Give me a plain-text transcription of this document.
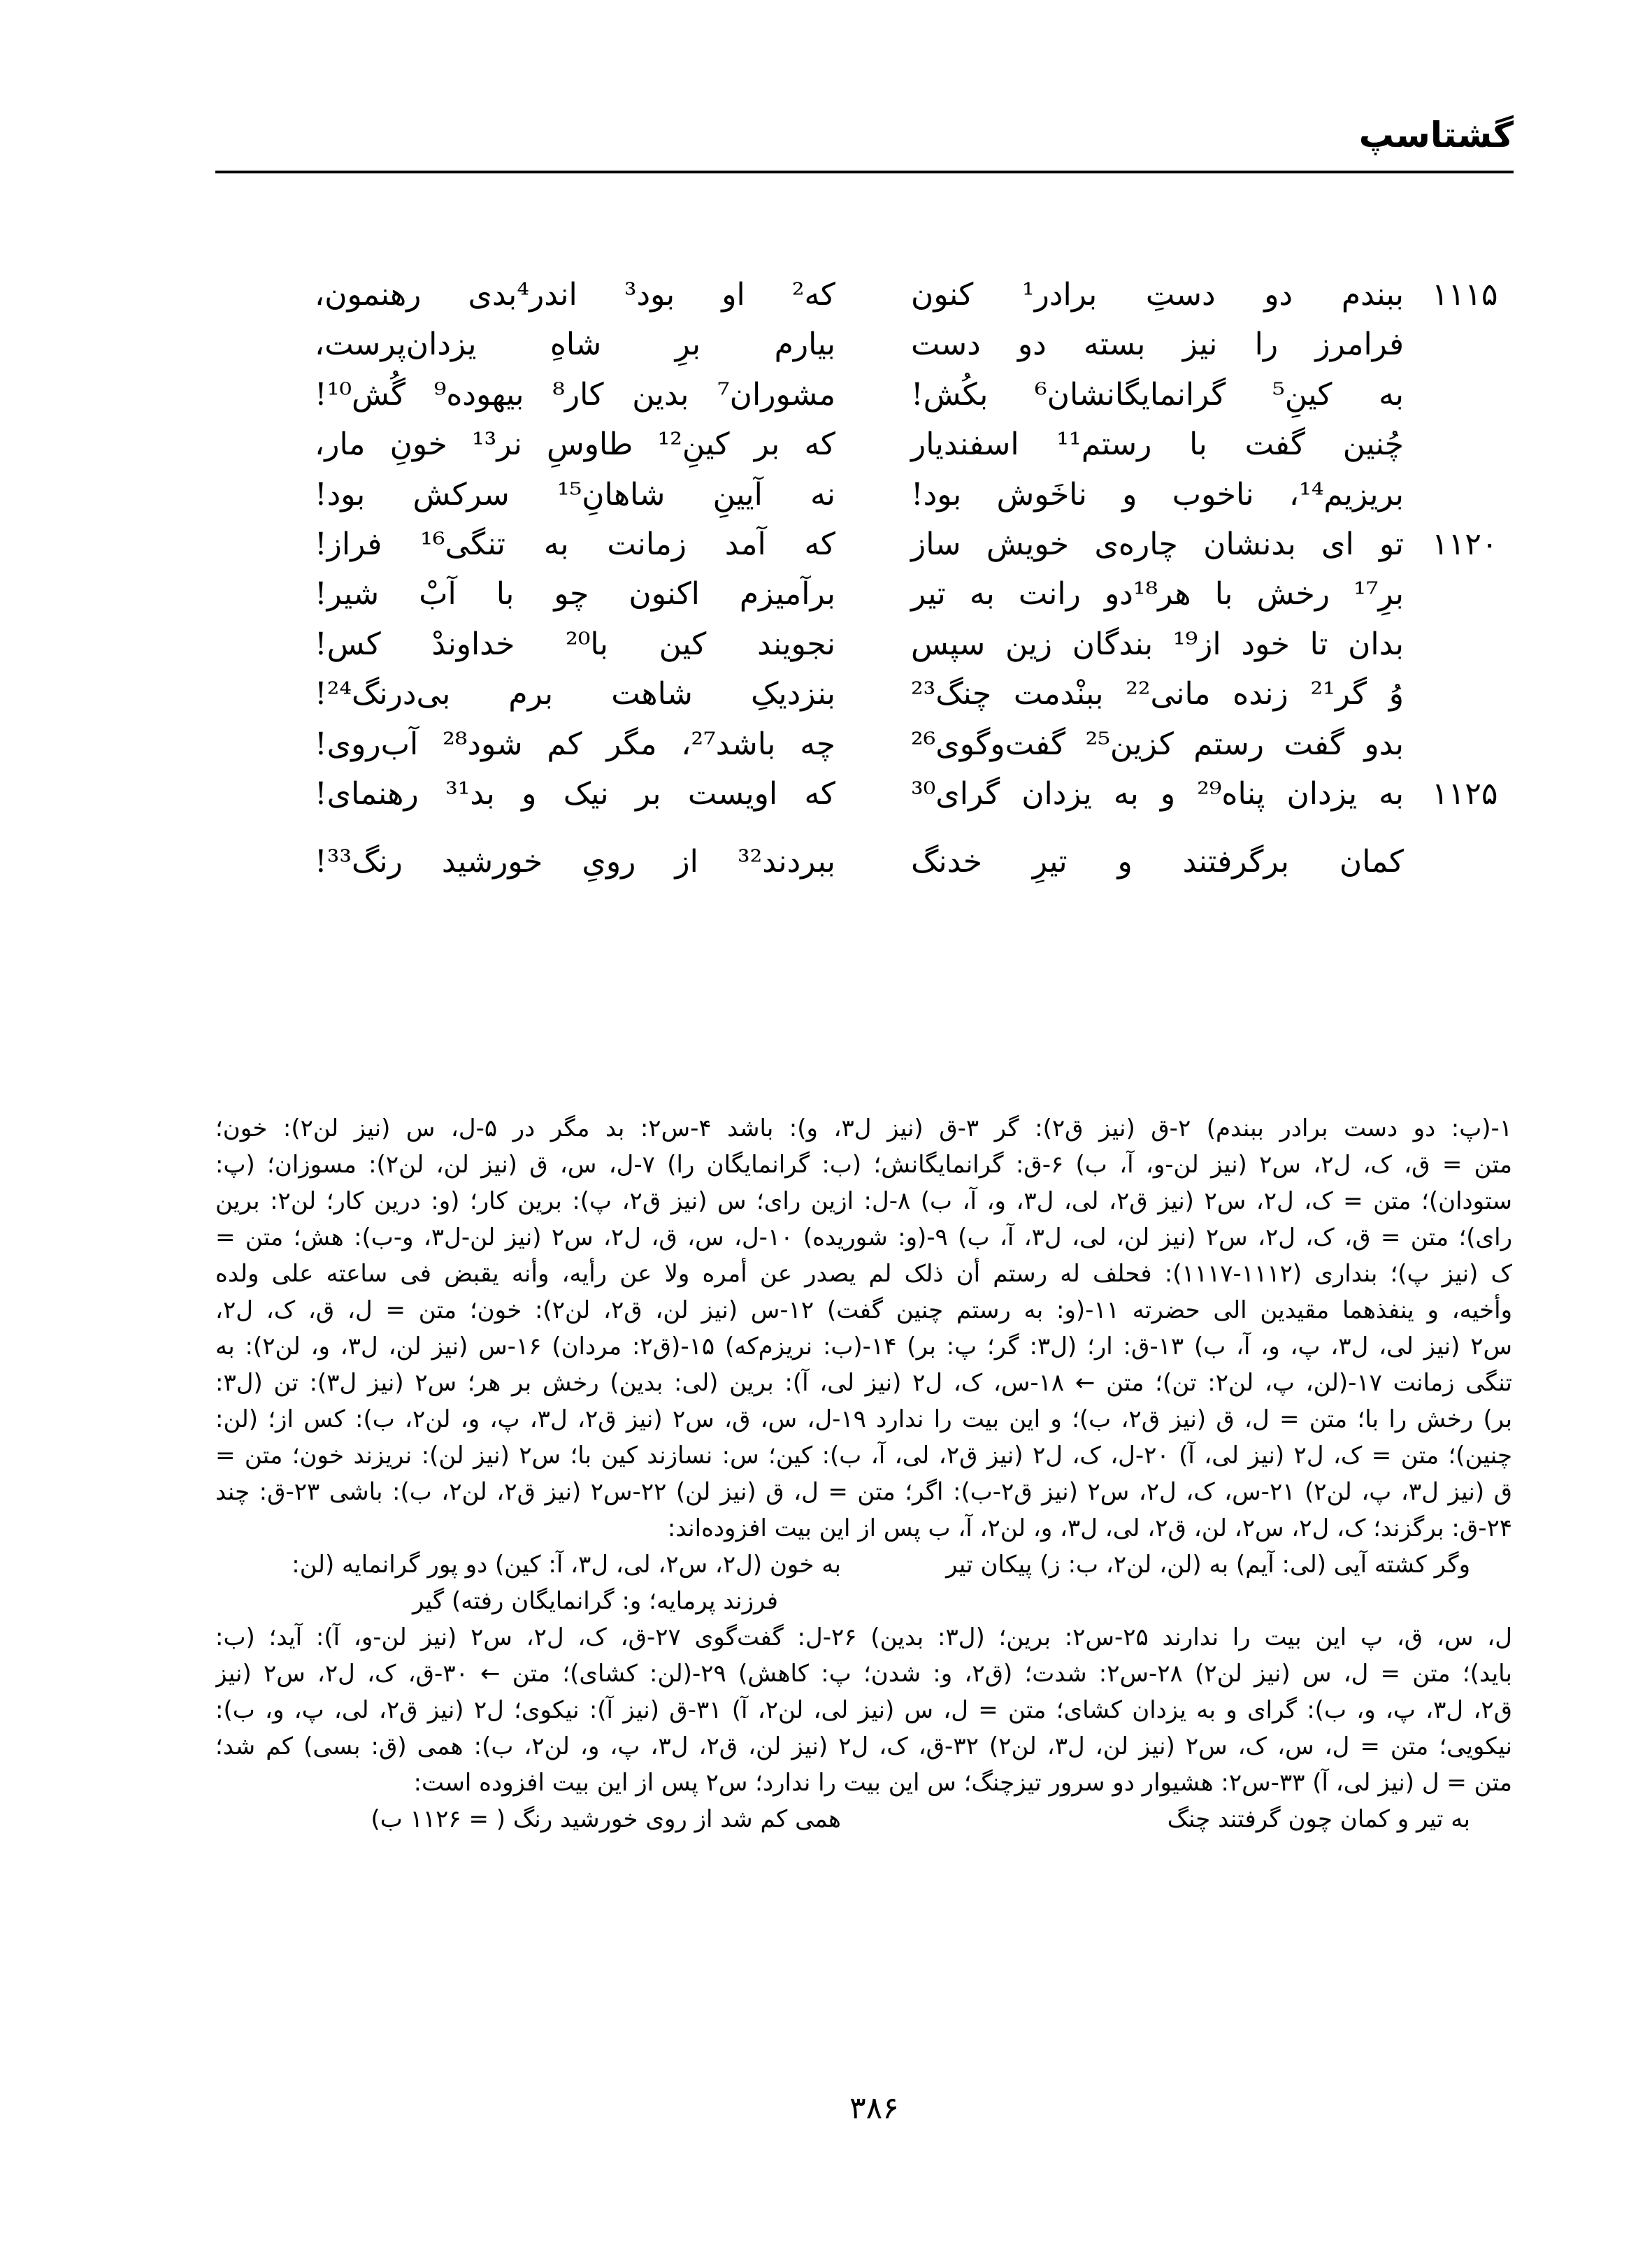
گشتاسپ
۱۱۱۵
ببندم دو دستِ برادر¹ کنون
فرامرز را نیز بسته دو دست
به کینِ⁵ گرانمایگانشان⁶ بکُش!
چُنین گفت با رستم¹¹ اسفندیار
بریزیم¹⁴، ناخوب و ناخَوش بود!
۱۱۲۰
تو ای بدنشان چاره‌ی خویش ساز
برِ¹⁷ رخش با هر¹⁸دو رانت به تیر
بدان تا خود از¹⁹ بندگان زین سپس
وُ گر²¹ زنده مانی²² ببنْدمت چنگ²³
بدو گفت رستم کزین²⁵ گفت‌وگوی²⁶
۱۱۲۵
به یزدان پناه²⁹ و به یزدان گرای³⁰
کمان برگرفتند و تیرِ خدنگ
که² او بود³ اندر⁴بدی رهنمون،
بیارم برِ شاهِ یزدان‌پرست،
مشوران⁷ بدین کار⁸ بیهوده⁹ گُش¹⁰!
که بر کینِ¹² طاوسِ نر¹³ خونِ مار،
نه آیینِ شاهانِ¹⁵ سرکش بود!
که آمد زمانت به تنگی¹⁶ فراز!
برآمیزم اکنون چو با آبْ شیر!
نجویند کین با²⁰ خداوندْ کس!
بنزدیکِ شاهت برم بی‌درنگ²⁴!
چه باشد²⁷، مگر کم شود²⁸ آب‌روی!
که اویست بر نیک و بد³¹ رهنمای!
ببردند³² از رویِ خورشید رنگ³³!
۱-(پ: دو دست برادر ببندم) ۲-ق (نیز ق۲): گر ۳-ق (نیز ل۳، و): باشد ۴-س۲: بد مگر در ۵-ل، س (نیز لن۲): خون؛
متن = ق، ک، ل۲، س۲ (نیز لن-و، آ، ب) ۶-ق: گرانمایگانش؛ (ب: گرانمایگان را) ۷-ل، س، ق (نیز لن، لن۲): مسوزان؛ (پ:
ستودان)؛ متن = ک، ل۲، س۲ (نیز ق۲، لی، ل۳، و، آ، ب) ۸-ل: ازین رای؛ س (نیز ق۲، پ): برین کار؛ (و: درین کار؛ لن۲: برین
رای)؛ متن = ق، ک، ل۲، س۲ (نیز لن، لی، ل۳، آ، ب) ۹-(و: شوریده) ۱۰-ل، س، ق، ل۲، س۲ (نیز لن-ل۳، و-ب): هش؛ متن =
ک (نیز پ)؛ بنداری (۱۱۱۲-۱۱۱۷): فحلف له رستم أن ذلک لم یصدر عن أمره ولا عن رأیه، وأنه یقبض فی ساعته علی ولده
وأخیه، و ینفذهما مقیدین الی حضرته ۱۱-(و: به رستم چنین گفت) ۱۲-س (نیز لن، ق۲، لن۲): خون؛ متن = ل، ق، ک، ل۲،
س۲ (نیز لی، ل۳، پ، و، آ، ب) ۱۳-ق: ار؛ (ل۳: گر؛ پ: بر) ۱۴-(ب: نریزم‌که) ۱۵-(ق۲: مردان) ۱۶-س (نیز لن، ل۳، و، لن۲): به
تنگی زمانت ۱۷-(لن، پ، لن۲: تن)؛ متن ← ۱۸-س، ک، ل۲ (نیز لی، آ): برین (لی: بدین) رخش بر هر؛ س۲ (نیز ل۳): تن (ل۳:
بر) رخش را با؛ متن = ل، ق (نیز ق۲، ب)؛ و این بیت را ندارد ۱۹-ل، س، ق، س۲ (نیز ق۲، ل۳، پ، و، لن۲، ب): کس از؛ (لن:
چنین)؛ متن = ک، ل۲ (نیز لی، آ) ۲۰-ل، ک، ل۲ (نیز ق۲، لی، آ، ب): کین؛ س: نسازند کین با؛ س۲ (نیز لن): نریزند خون؛ متن =
ق (نیز ل۳، پ، لن۲) ۲۱-س، ک، ل۲، س۲ (نیز ق۲-ب): اگر؛ متن = ل، ق (نیز لن) ۲۲-س۲ (نیز ق۲، لن۲، ب): باشی ۲۳-ق: چند
۲۴-ق: برگزند؛ ک، ل۲، س۲، لن، ق۲، لی، ل۳، و، لن۲، آ، ب پس از این بیت افزوده‌اند:
وگر کشته آیی (لی: آیم) به (لن، لن۲، ب: ز) پیکان تیر
به خون (ل۲، س۲، لی، ل۳، آ: کین) دو پور گرانمایه (لن:
فرزند پرمایه؛ و: گرانمایگان رفته) گیر
ل، س، ق، پ این بیت را ندارند ۲۵-س۲: برین؛ (ل۳: بدین) ۲۶-ل: گفت‌گوی ۲۷-ق، ک، ل۲، س۲ (نیز لن-و، آ): آید؛ (ب:
باید)؛ متن = ل، س (نیز لن۲) ۲۸-س۲: شدت؛ (ق۲، و: شدن؛ پ: کاهش) ۲۹-(لن: کشای)؛ متن ← ۳۰-ق، ک، ل۲، س۲ (نیز
ق۲، ل۳، پ، و، ب): گرای و به یزدان کشای؛ متن = ل، س (نیز لی، لن۲، آ) ۳۱-ق (نیز آ): نیکوی؛ ل۲ (نیز ق۲، لی، پ، و، ب):
نیکویی؛ متن = ل، س، ک، س۲ (نیز لن، ل۳، لن۲) ۳۲-ق، ک، ل۲ (نیز لن، ق۲، ل۳، پ، و، لن۲، ب): همی (ق: بسی) کم شد؛
متن = ل (نیز لی، آ) ۳۳-س۲: هشیوار دو سرور تیزچنگ؛ س این بیت را ندارد؛ س۲ پس از این بیت افزوده است:
به تیر و کمان چون گرفتند چنگ
همی کم شد از روی خورشید رنگ ( = ۱۱۲۶ ب)
۳۸۶
